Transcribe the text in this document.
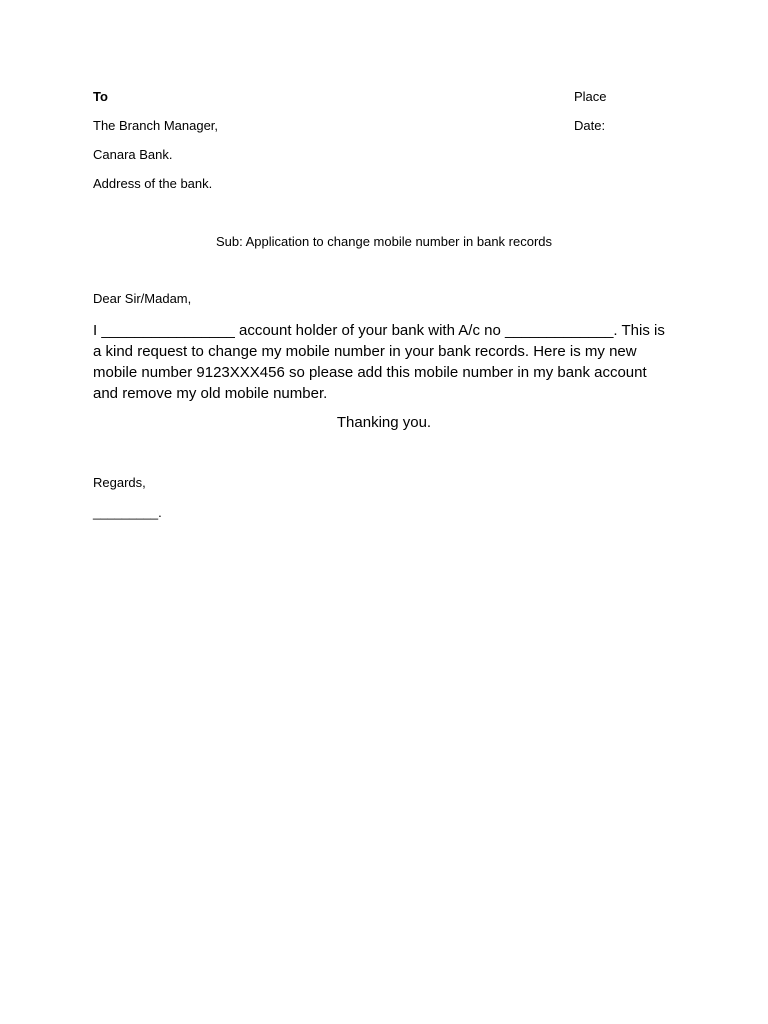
To	Place
The Branch Manager,	Date:
Canara Bank.
Address of the bank.
Sub: Application to change mobile number in bank records
Dear Sir/Madam,

I ________________ account holder of your bank with A/c no _____________. This is

a kind request to change my mobile number in your bank records. Here is my new

mobile number 9123XXX456 so please add this mobile number in my bank account

and remove my old mobile number.

Thanking you.
Regards,
_________.
